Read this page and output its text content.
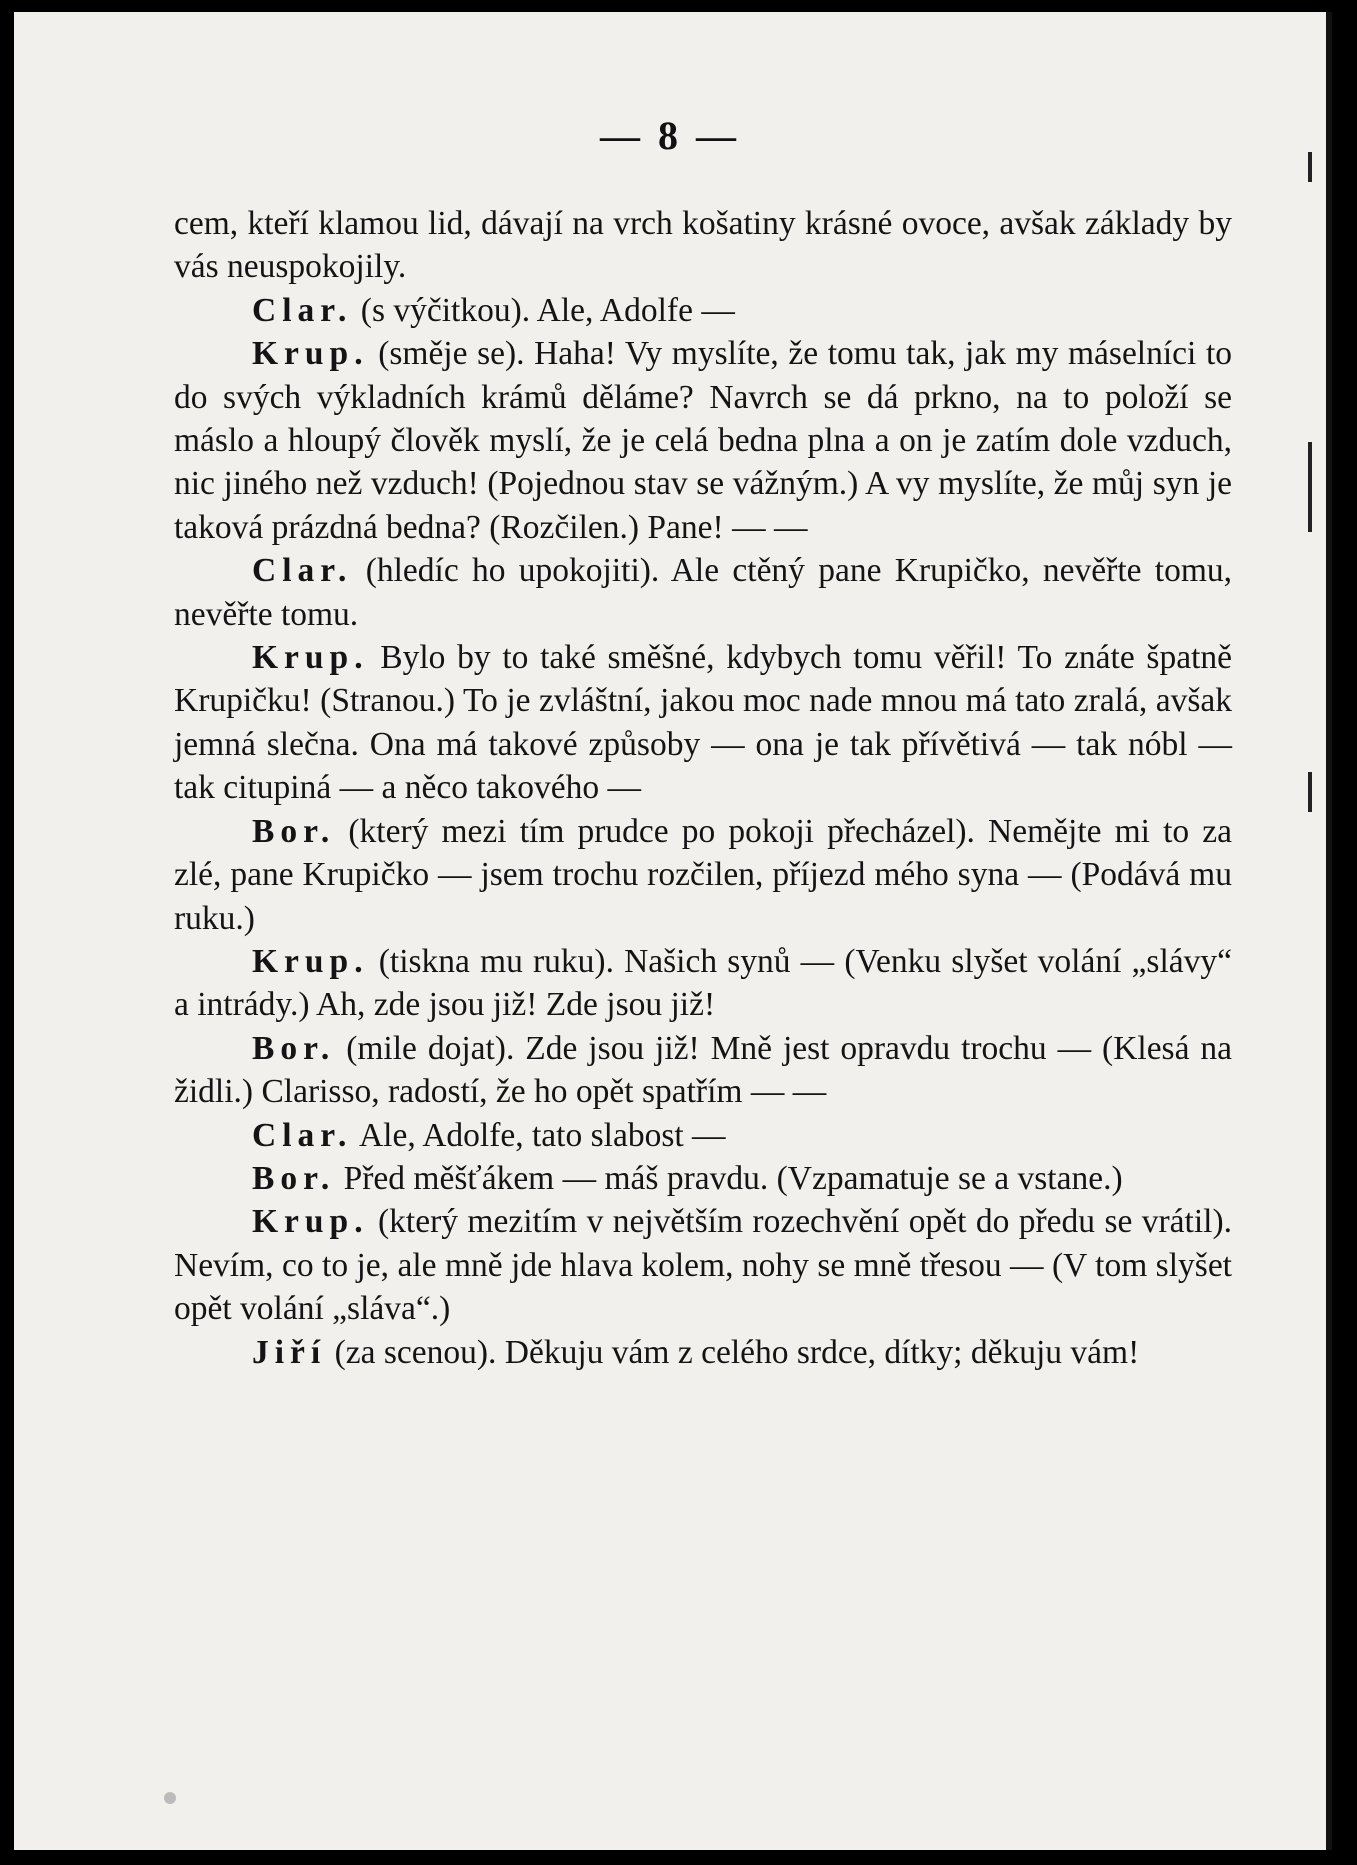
— 8 —

cem, kteří klamou lid, dávají na vrch košatiny krásné ovoce, avšak základy by vás neuspokojily.

Clar. (s výčitkou). Ale, Adolfe —

Krup. (směje se). Haha! Vy myslíte, že tomu tak, jak my máselníci to do svých výkladních krámů děláme? Navrch se dá prkno, na to položí se máslo a hloupý člověk myslí, že je celá bedna plna a on je zatím dole vzduch, nic jiného než vzduch! (Pojednou stav se vážným.) A vy myslíte, že můj syn je taková prázdná bedna? (Rozčilen.) Pane! — —

Clar. (hledíc ho upokojiti). Ale ctěný pane Krupičko, nevěřte tomu, nevěřte tomu.

Krup. Bylo by to také směšné, kdybych tomu věřil! To znáte špatně Krupičku! (Stranou.) To je zvláštní, jakou moc nade mnou má tato zralá, avšak jemná slečna. Ona má takové způsoby — ona je tak přívětivá — tak nóbl — tak citupiná — a něco takového —

Bor. (který mezi tím prudce po pokoji přecházel). Nemějte mi to za zlé, pane Krupičko — jsem trochu rozčilen, příjezd mého syna — (Podává mu ruku.)

Krup. (tiskna mu ruku). Našich synů — (Venku slyšet volání „slávy“ a intrády.) Ah, zde jsou již! Zde jsou již!

Bor. (mile dojat). Zde jsou již! Mně jest opravdu trochu — (Klesá na židli.) Clarisso, radostí, že ho opět spatřím — —

Clar. Ale, Adolfe, tato slabost —

Bor. Před měšťákem — máš pravdu. (Vzpamatuje se a vstane.)

Krup. (který mezitím v největším rozechvění opět do předu se vrátil). Nevím, co to je, ale mně jde hlava kolem, nohy se mně třesou — (V tom slyšet opět volání „sláva“.)

Jiří (za scenou). Děkuju vám z celého srdce, dítky; děkuju vám!
